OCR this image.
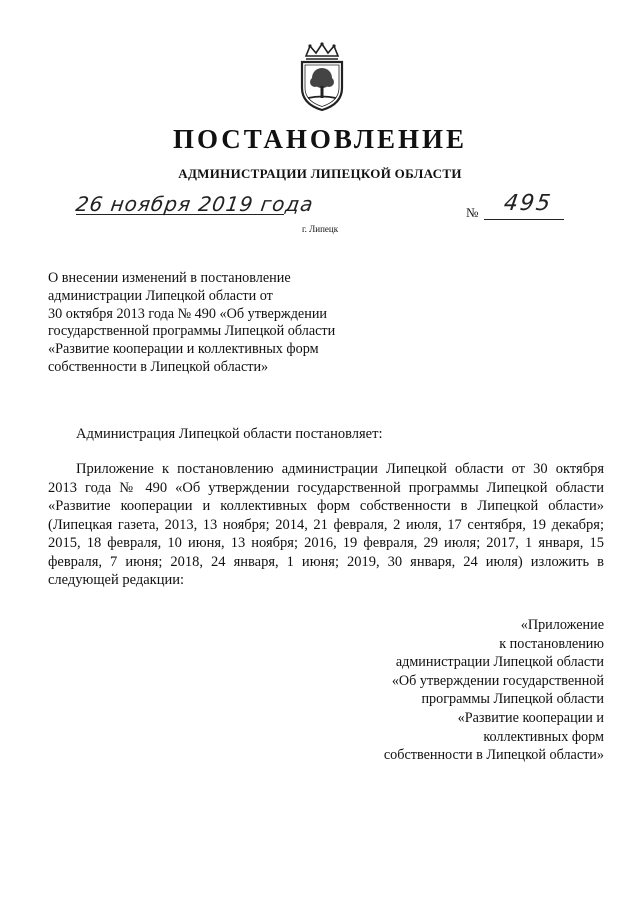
ПОСТАНОВЛЕНИЕ
АДМИНИСТРАЦИИ ЛИПЕЦКОЙ ОБЛАСТИ
26 ноября 2019 года	№ 495
г. Липецк
О внесении изменений в постановление
администрации Липецкой области от
30 октября 2013 года № 490 «Об утверждении
государственной программы Липецкой области
«Развитие кооперации и коллективных форм
собственности в Липецкой области»
Администрация Липецкой области постановляет:
Приложение к постановлению администрации Липецкой области от 30 октября
2013 года № 490 «Об утверждении государственной программы Липецкой области
«Развитие кооперации и коллективных форм собственности в Липецкой области»
(Липецкая газета, 2013, 13 ноября; 2014, 21 февраля, 2 июля, 17 сентября, 19 декабря;
2015, 18 февраля, 10 июня, 13 ноября; 2016, 19 февраля, 29 июля; 2017, 1 января, 15
февраля, 7 июня; 2018, 24 января, 1 июня; 2019, 30 января, 24 июля) изложить в
следующей редакции:
«Приложение
к постановлению
администрации Липецкой области
«Об утверждении государственной
программы Липецкой области
«Развитие кооперации и
коллективных форм
собственности в Липецкой области»
